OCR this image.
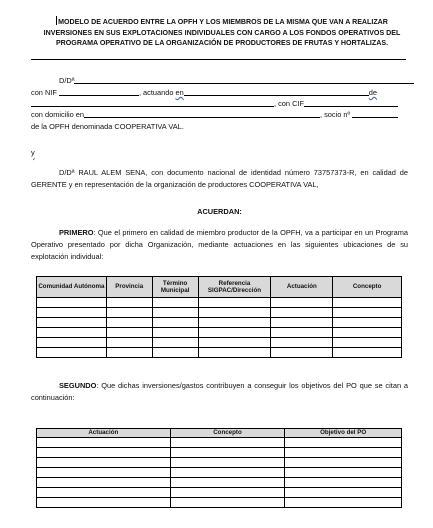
MODELO DE ACUERDO ENTRE LA OPFH Y LOS MIEMBROS DE LA MISMA QUE VAN A REALIZAR INVERSIONES EN SUS EXPLOTACIONES INDIVIDUALES CON CARGO A LOS FONDOS OPERATIVOS DEL PROGRAMA OPERATIVO DE LA ORGANIZACIÓN DE PRODUCTORES DE FRUTAS Y HORTALIZAS.
D/Dª
con NIF	, actuando en	de
, con CIF
con domicilio en	, socio nº
de la OPFH denominada COOPERATIVA VAL.
y
D/Dª RAUL ALEM SENA, con documento nacional de identidad número 73757373-R, en calidad de GERENTE y en representación de la organización de productores COOPERATIVA VAL,
ACUERDAN:
PRIMERO: Que el primero en calidad de miembro productor de la OPFH, va a participar en un Programa Operativo presentado por dicha Organización, mediante actuaciones en las siguientes ubicaciones de su explotación individual:
Comunidad Autónoma	Provincia	Término Municipal	Referencia SIGPAC/Dirección	Actuación	Concepto

SEGUNDO: Que dichas inversiones/gastos contribuyen a conseguir los objetivos del PO que se citan a continuación:
Actuación	Concepto	Objetivo del PO
